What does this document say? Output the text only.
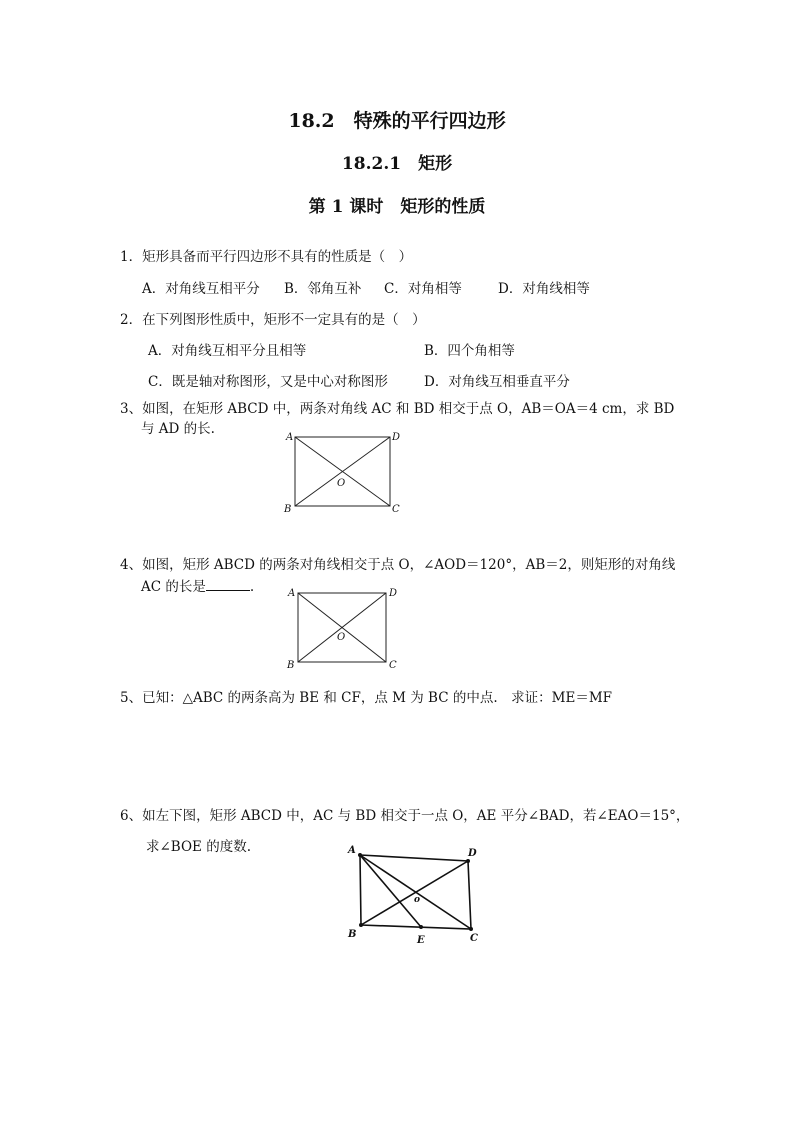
18.2　特殊的平行四边形
18.2.1　矩形
第 1 课时　矩形的性质
1．矩形具备而平行四边形不具有的性质是（　）
A．对角线互相平分 B．邻角互补 C．对角相等	D．对角线相等
2．在下列图形性质中，矩形不一定具有的是（　）
A．对角线互相平分且相等	B．四个角相等
C．既是轴对称图形，又是中心对称图形	D．对角线互相垂直平分
3、如图，在矩形 ABCD 中，两条对角线 AC 和 BD 相交于点 O，AB＝OA＝4 cm，求 BD
与 AD 的长.
A	D
B	C
O
4、如图，矩形 ABCD 的两条对角线相交于点 O，∠AOD＝120°，AB＝2，则矩形的对角线
AC 的长是	.	A	D
B	C
O
5、已知：△ABC 的两条高为 BE 和 CF，点 M 为 BC 的中点.　求证：ME＝MF
6、如左下图，矩形 ABCD 中，AC 与 BD 相交于一点 O，AE 平分∠BAD，若∠EAO＝15°，
求∠BOE 的度数.	A	D
B	C
E
o
